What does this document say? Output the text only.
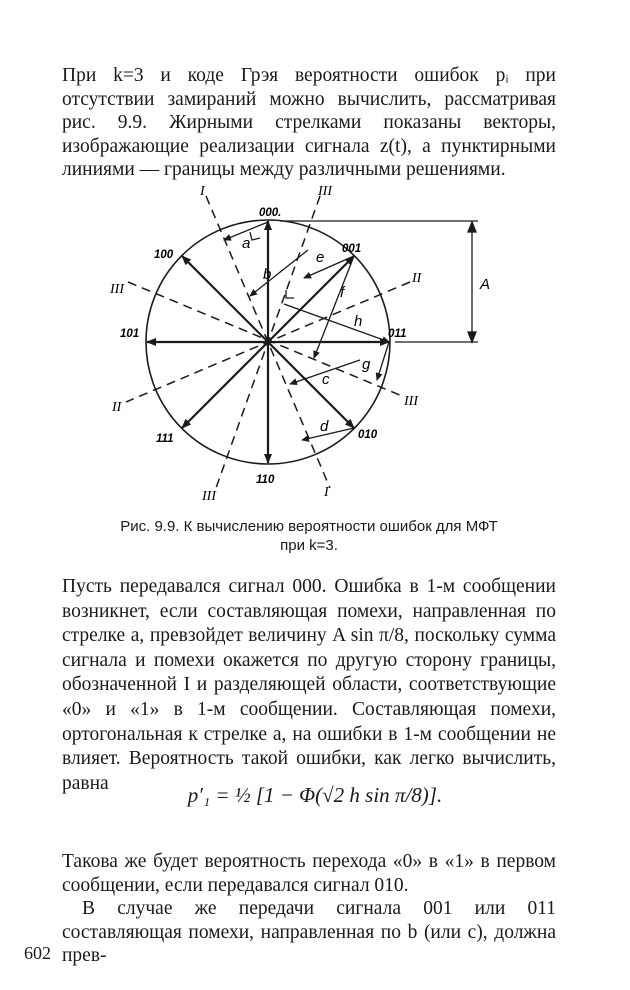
При k=3 и коде Грэя вероятности ошибок pᵢ при отсутствии замираний можно вычислить, рассматривая рис. 9.9. Жирными стрелками показаны векторы, изображающие реализации сигнала z(t), а пунктирными линиями — границы между различными решениями.

A
000.
001
011
010
110
111
101
100
a
b
e
f
h
g
c
d
I	III
II
III
I
III
II
III
Рис. 9.9. К вычислению вероятности ошибок для МФТ
при k=3.

Пусть передавался сигнал 000. Ошибка в 1-м сообщении возникнет, если составляющая помехи, направленная по стрелке a, превзойдет величину A sin π/8, поскольку сумма сигнала и помехи окажется по другую сторону границы, обозначенной I и разделяющей области, соответствующие «0» и «1» в 1-м сообщении. Составляющая помехи, ортогональная к стрелке a, на ошибки в 1-м сообщении не влияет. Вероятность такой ошибки, как легко вычислить, равна	p′₁ = ½ [1 − Φ(√2 h sin π/8)].

Такова же будет вероятность перехода «0» в «1» в первом сообщении, если передавался сигнал 010.

В случае же передачи сигнала 001 или 011 составляющая помехи, направленная по b (или c), должна прев-

602
